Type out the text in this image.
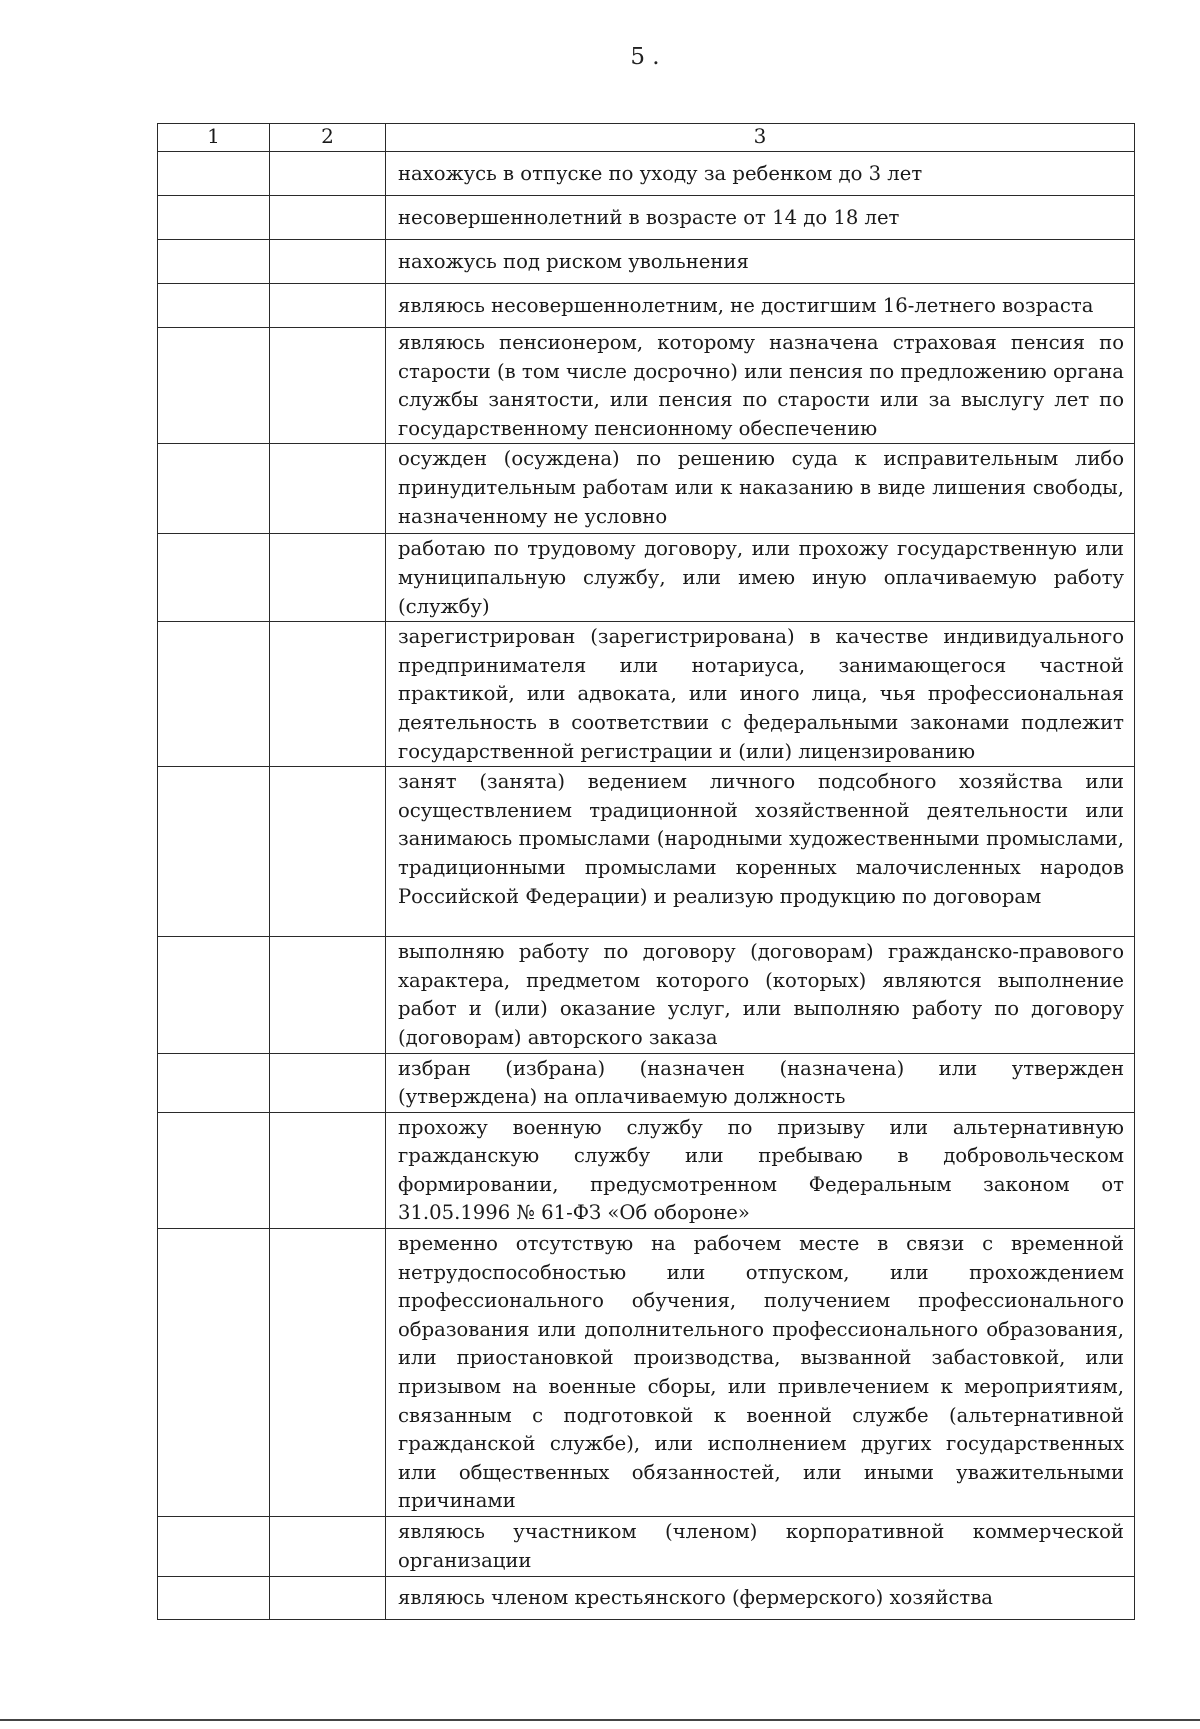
5 .
1	2	3
		нахожусь в отпуске по уходу за ребенком до 3 лет
		несовершеннолетний в возрасте от 14 до 18 лет
		нахожусь под риском увольнения
		являюсь несовершеннолетним, не достигшим 16-летнего возраста
		являюсь пенсионером, которому назначена страховая пенсия по старости (в том числе досрочно) или пенсия по предложению органа службы занятости, или пенсия по старости или за выслугу лет по государственному пенсионному обеспечению
		осужден (осуждена) по решению суда к исправительным либо принудительным работам или к наказанию в виде лишения свободы, назначенному не условно
		работаю по трудовому договору, или прохожу государственную или муниципальную службу, или имею иную оплачиваемую работу (службу)
		зарегистрирован (зарегистрирована) в качестве индивидуального предпринимателя или нотариуса, занимающегося частной практикой, или адвоката, или иного лица, чья профессиональная деятельность в соответствии с федеральными законами подлежит государственной регистрации и (или) лицензированию
		занят (занята) ведением личного подсобного хозяйства или осуществлением традиционной хозяйственной деятельности или занимаюсь промыслами (народными художественными промыслами, традиционными промыслами коренных малочисленных народов Российской Федерации) и реализую продукцию по договорам
		выполняю работу по договору (договорам) гражданско-правового характера, предметом которого (которых) являются выполнение работ и (или) оказание услуг, или выполняю работу по договору (договорам) авторского заказа
		избран (избрана) (назначен (назначена) или утвержден (утверждена) на оплачиваемую должность
		прохожу военную службу по призыву или альтернативную гражданскую службу или пребываю в добровольческом формировании, предусмотренном Федеральным законом от 31.05.1996 № 61-ФЗ «Об обороне»
		временно отсутствую на рабочем месте в связи с временной нетрудоспособностью или отпуском, или прохождением профессионального обучения, получением профессионального образования или дополнительного профессионального образования, или приостановкой производства, вызванной забастовкой, или призывом на военные сборы, или привлечением к мероприятиям, связанным с подготовкой к военной службе (альтернативной гражданской службе), или исполнением других государственных или общественных обязанностей, или иными уважительными причинами
		являюсь участником (членом) корпоративной коммерческой организации
		являюсь членом крестьянского (фермерского) хозяйства
